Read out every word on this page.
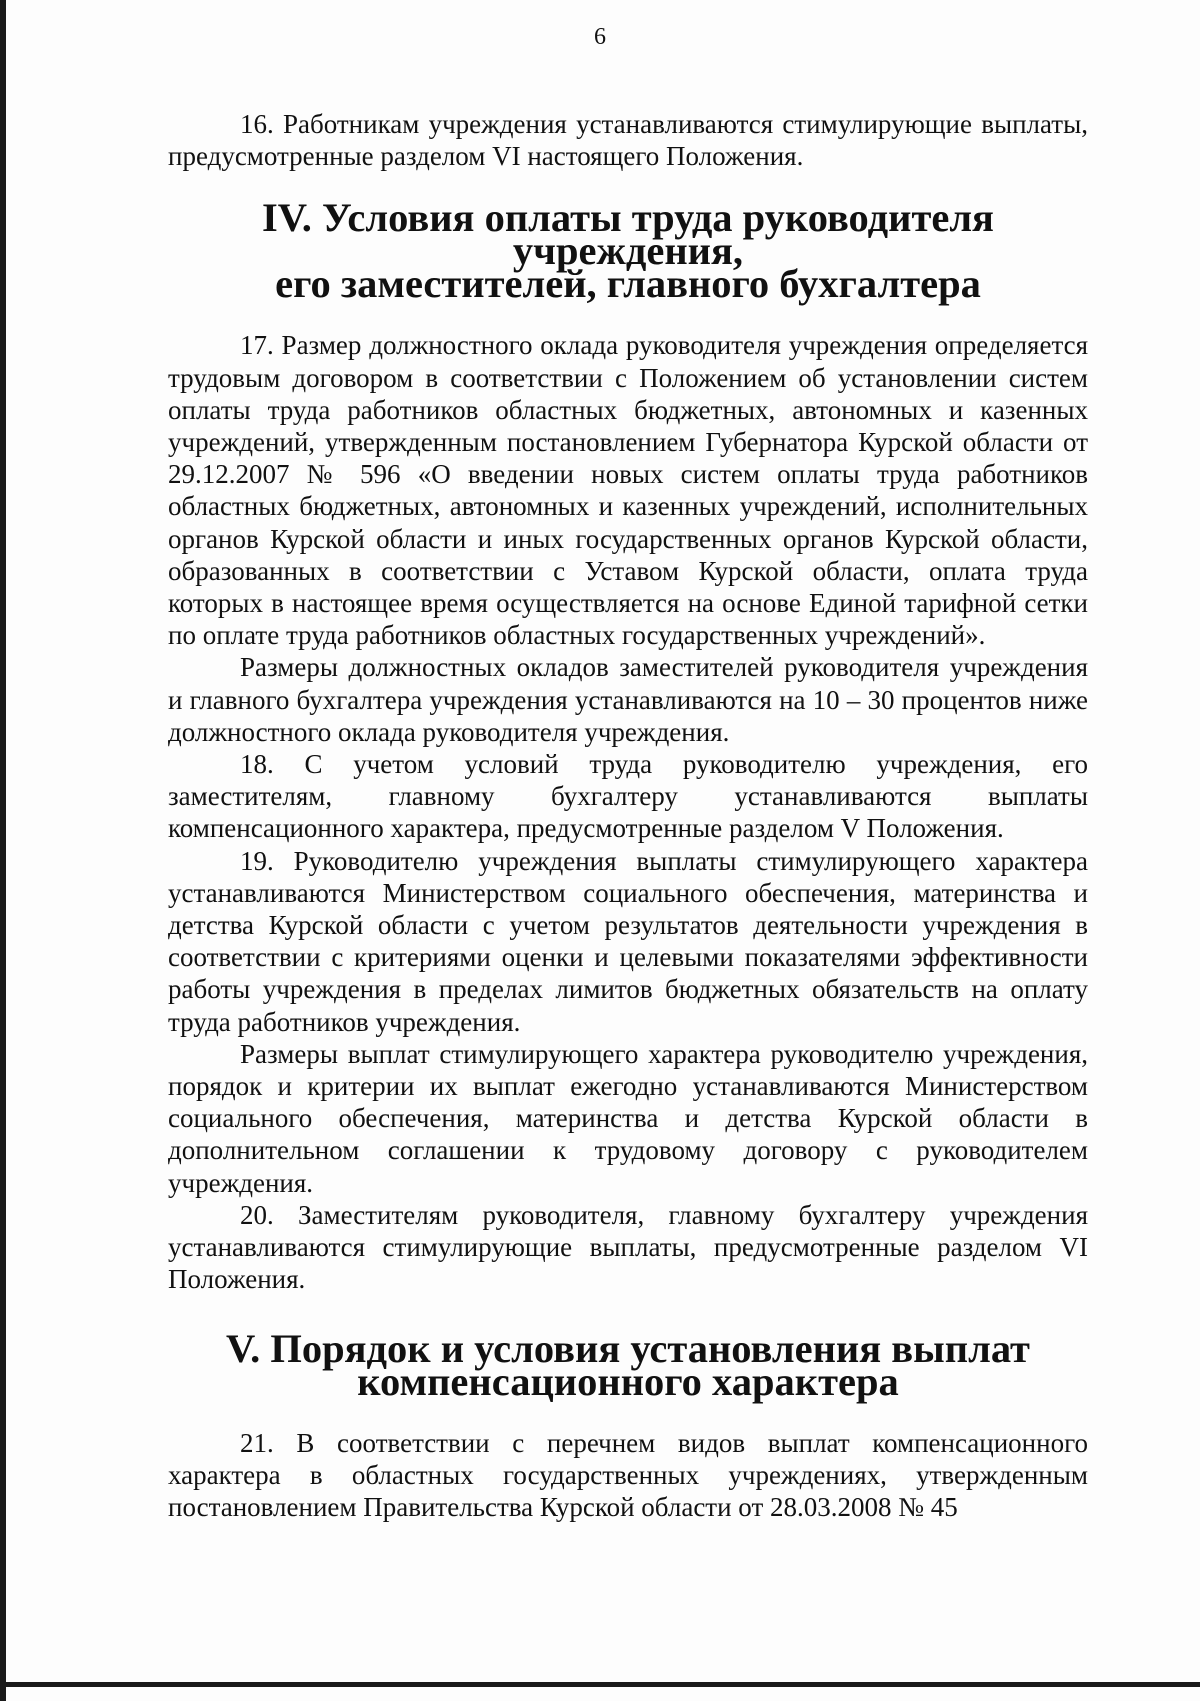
6

16. Работникам учреждения устанавливаются стимулирующие выплаты, предусмотренные разделом VI настоящего Положения.

IV. Условия оплаты труда руководителя учреждения,
его заместителей, главного бухгалтера

17. Размер должностного оклада руководителя учреждения определяется трудовым договором в соответствии с Положением об установлении систем оплаты труда работников областных бюджетных, автономных и казенных учреждений, утвержденным постановлением Губернатора Курской области от 29.12.2007 № 596 «О введении новых систем оплаты труда работников областных бюджетных, автономных и казенных учреждений, исполнительных органов Курской области и иных государственных органов Курской области, образованных в соответствии с Уставом Курской области, оплата труда которых в настоящее время осуществляется на основе Единой тарифной сетки по оплате труда работников областных государственных учреждений».

Размеры должностных окладов заместителей руководителя учреждения и главного бухгалтера учреждения устанавливаются на 10 – 30 процентов ниже должностного оклада руководителя учреждения.

18. С учетом условий труда руководителю учреждения, его заместителям, главному бухгалтеру устанавливаются выплаты компенсационного характера, предусмотренные разделом V Положения.

19. Руководителю учреждения выплаты стимулирующего характера устанавливаются Министерством социального обеспечения, материнства и детства Курской области с учетом результатов деятельности учреждения в соответствии с критериями оценки и целевыми показателями эффективности работы учреждения в пределах лимитов бюджетных обязательств на оплату труда работников учреждения.

Размеры выплат стимулирующего характера руководителю учреждения, порядок и критерии их выплат ежегодно устанавливаются Министерством социального обеспечения, материнства и детства Курской области в дополнительном соглашении к трудовому договору с руководителем учреждения.

20. Заместителям руководителя, главному бухгалтеру учреждения устанавливаются стимулирующие выплаты, предусмотренные разделом VI Положения.

V. Порядок и условия установления выплат
компенсационного характера

21. В соответствии с перечнем видов выплат компенсационного характера в областных государственных учреждениях, утвержденным постановлением Правительства Курской области от 28.03.2008 № 45
